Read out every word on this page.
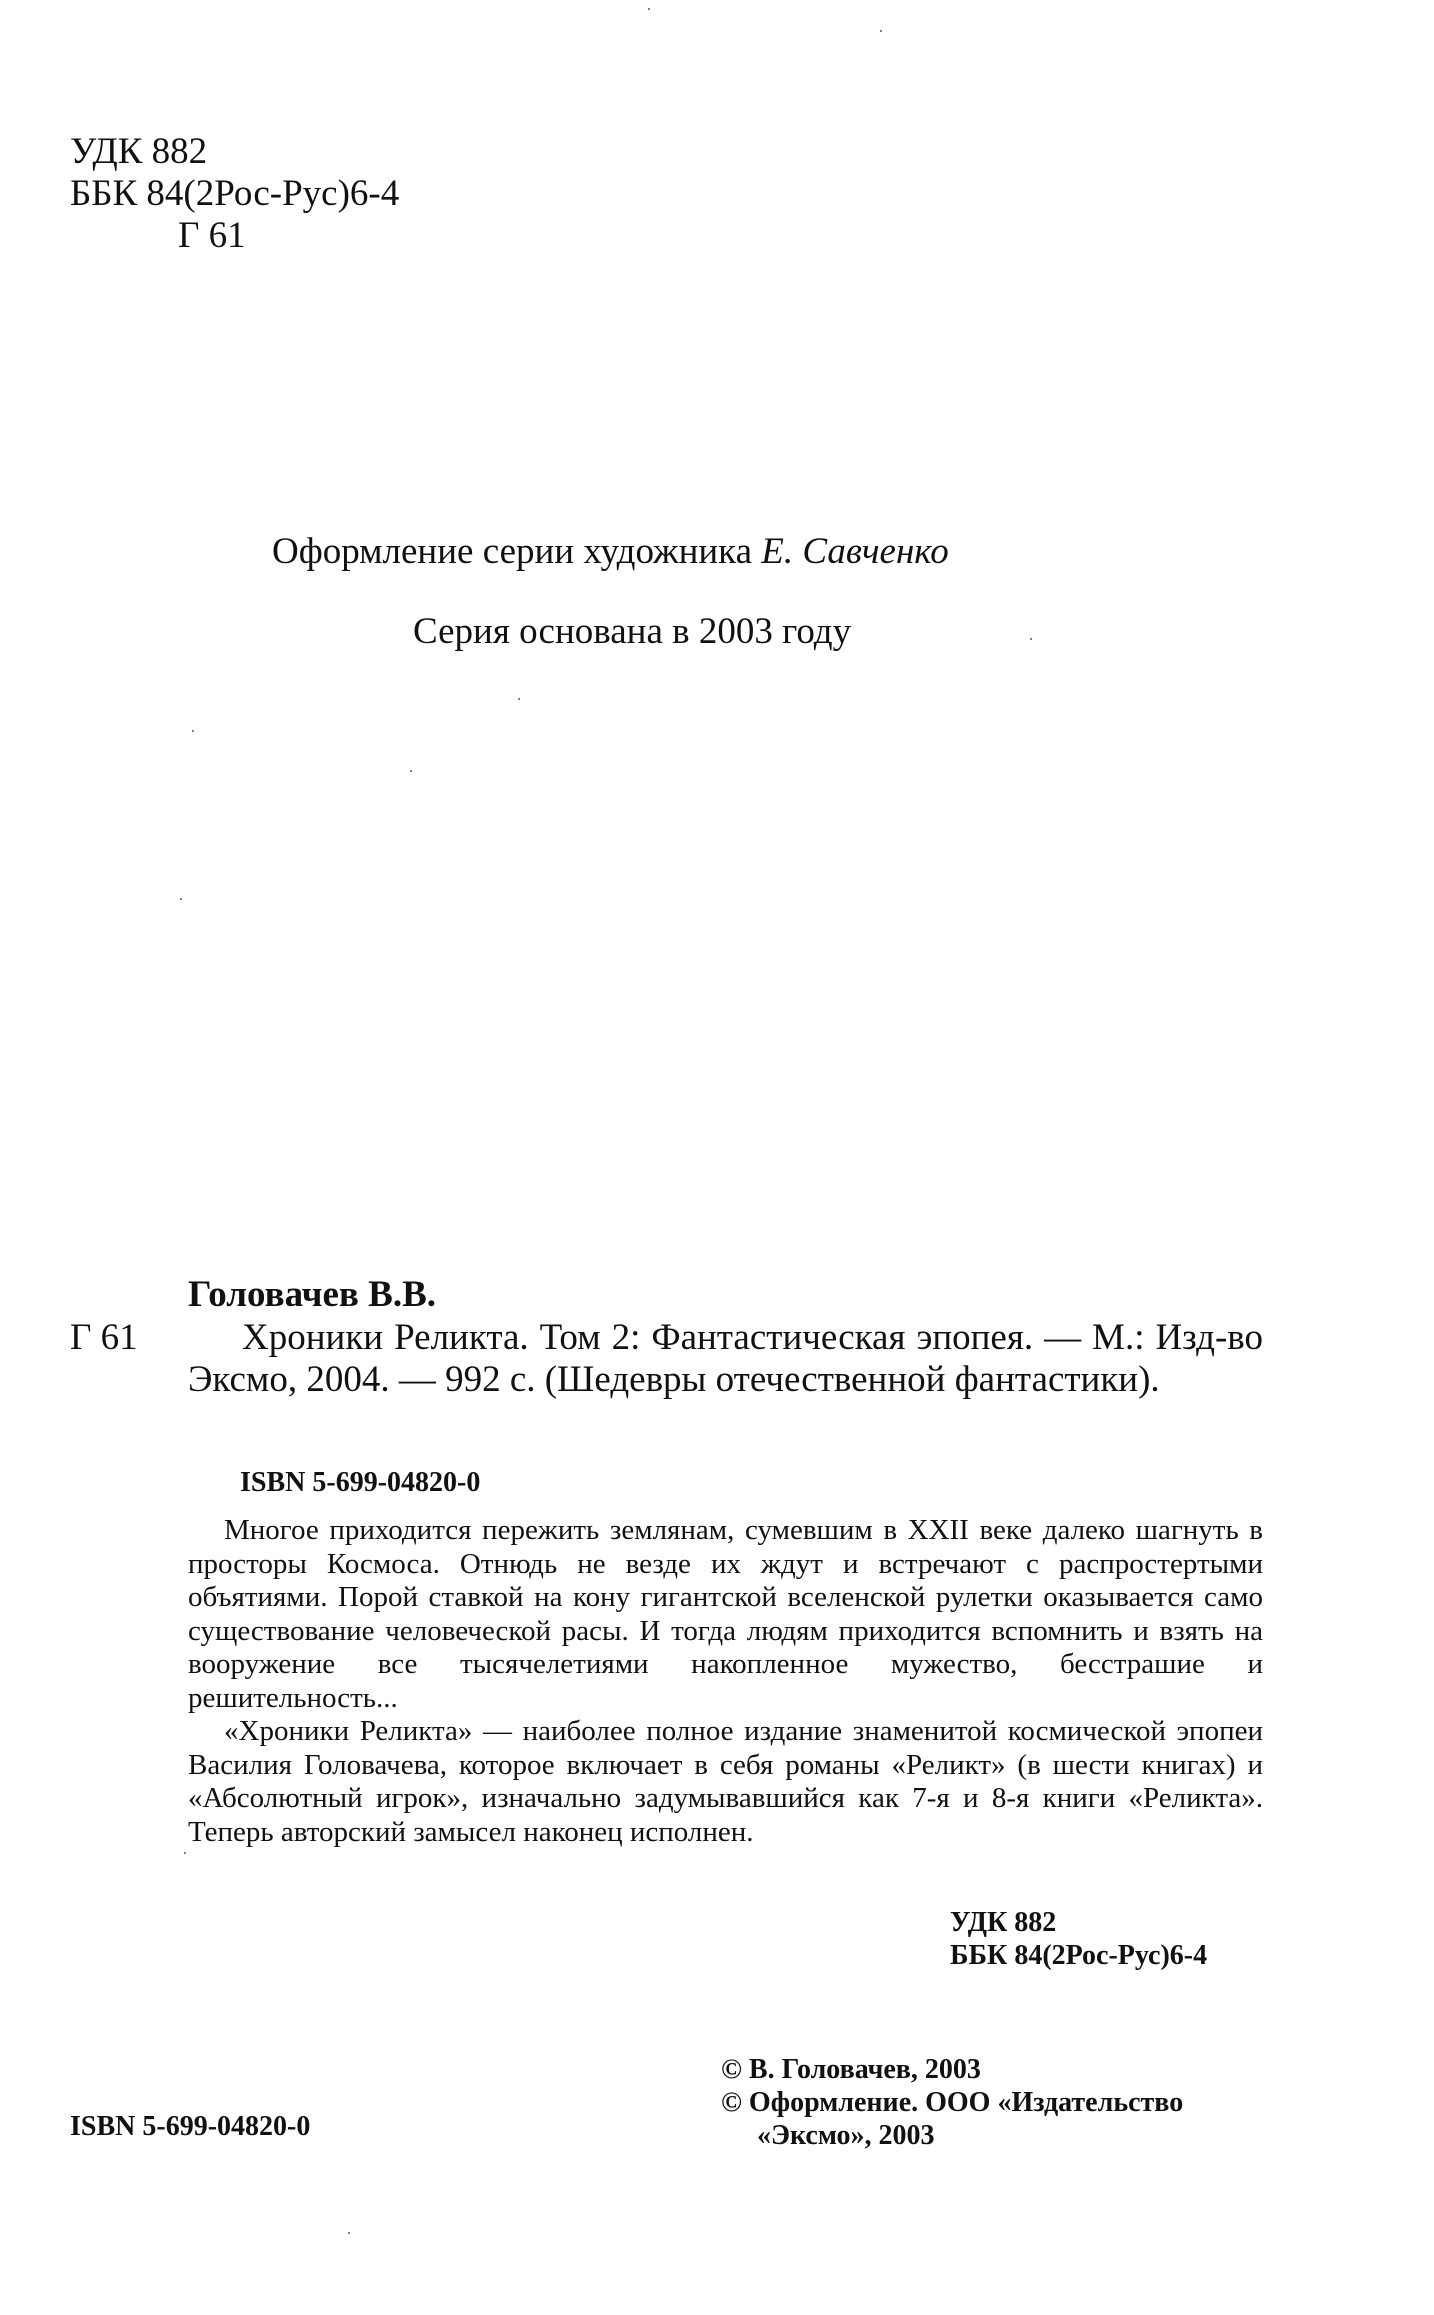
УДК 882
ББК 84(2Рос-Рус)6-4
Г 61
Оформление серии художника Е. Савченко
Серия основана в 2003 году
Головачев В.В.
Г 61	Хроники Реликта. Том 2: Фантастическая эпопея. — М.: Изд-во Эксмо, 2004. — 992 с. (Шедевры отечественной фантастики).
ISBN 5-699-04820-0

Многое приходится пережить землянам, сумевшим в XXII веке далеко шагнуть в просторы Космоса. Отнюдь не везде их ждут и встречают с распростертыми объятиями. Порой ставкой на кону гигантской вселенской рулетки оказывается само существование человеческой расы. И тогда людям приходится вспомнить и взять на вооружение все тысячелетиями накопленное мужество, бесстрашие и решительность...

«Хроники Реликта» — наиболее полное издание знаменитой космической эпопеи Василия Головачева, которое включает в себя романы «Реликт» (в шести книгах) и «Абсолютный игрок», изначально задумывавшийся как 7-я и 8-я книги «Реликта». Теперь авторский замысел наконец исполнен.

УДК 882
ББК 84(2Рос-Рус)6-4
ISBN 5-699-04820-0
© В. Головачев, 2003
© Оформление. ООО «Издательство
«Эксмо», 2003
